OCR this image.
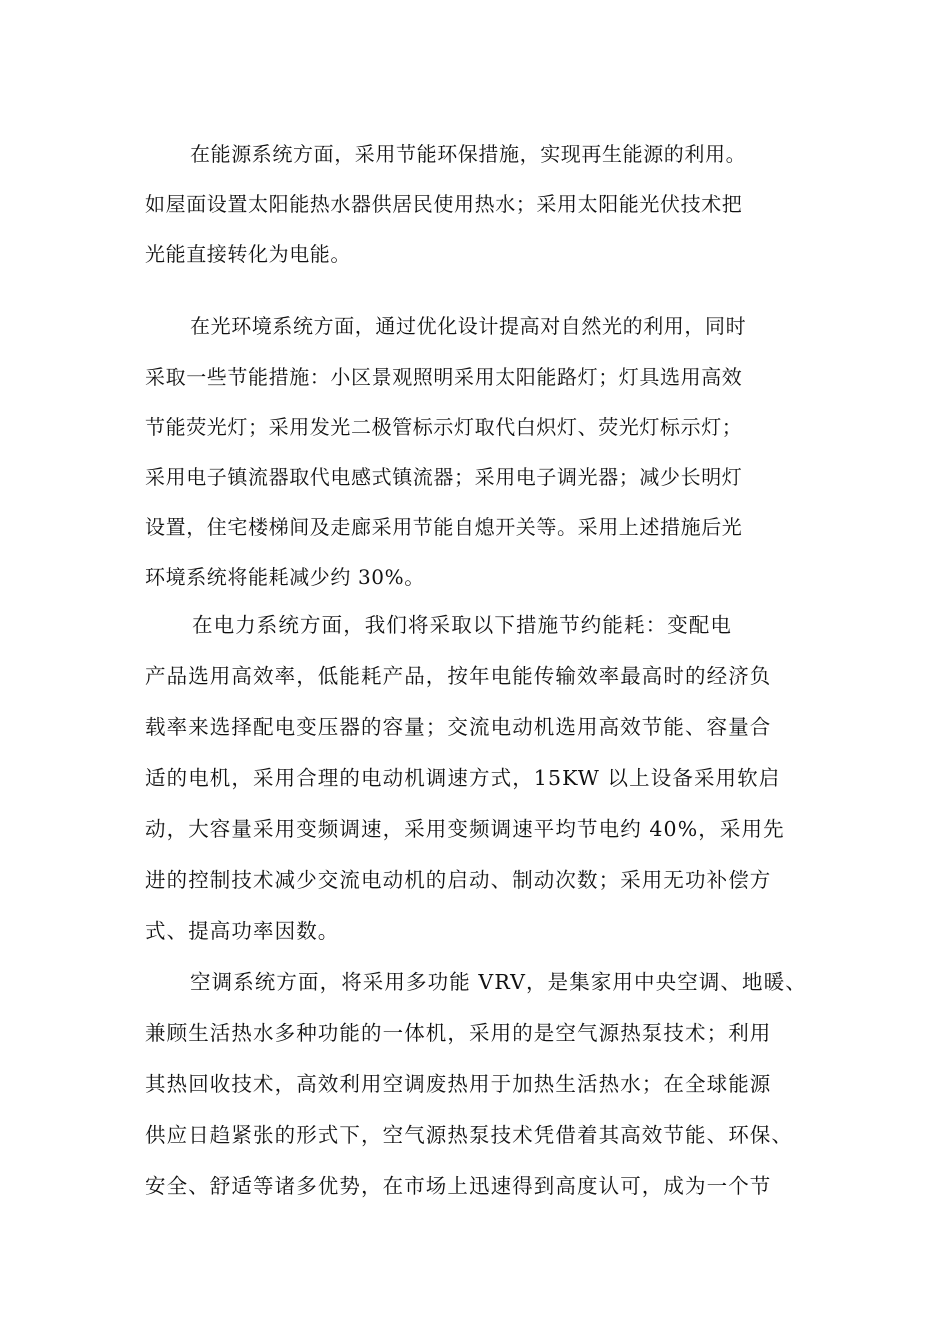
在能源系统方面，采用节能环保措施，实现再生能源的利用。
如屋面设置太阳能热水器供居民使用热水；采用太阳能光伏技术把
光能直接转化为电能。
在光环境系统方面，通过优化设计提高对自然光的利用，同时
采取一些节能措施：小区景观照明采用太阳能路灯；灯具选用高效
节能荧光灯；采用发光二极管标示灯取代白炽灯、荧光灯标示灯；
采用电子镇流器取代电感式镇流器；采用电子调光器；减少长明灯
设置，住宅楼梯间及走廊采用节能自熄开关等。采用上述措施后光
环境系统将能耗减少约 30%。
在电力系统方面，我们将采取以下措施节约能耗：变配电
产品选用高效率，低能耗产品，按年电能传输效率最高时的经济负
载率来选择配电变压器的容量；交流电动机选用高效节能、容量合
适的电机，采用合理的电动机调速方式，15KW 以上设备采用软启
动，大容量采用变频调速，采用变频调速平均节电约 40%，采用先
进的控制技术减少交流电动机的启动、制动次数；采用无功补偿方
式、提高功率因数。
空调系统方面，将采用多功能 VRV，是集家用中央空调、地暖、
兼顾生活热水多种功能的一体机，采用的是空气源热泵技术；利用
其热回收技术，高效利用空调废热用于加热生活热水；在全球能源
供应日趋紧张的形式下，空气源热泵技术凭借着其高效节能、环保、
安全、舒适等诸多优势，在市场上迅速得到高度认可，成为一个节
